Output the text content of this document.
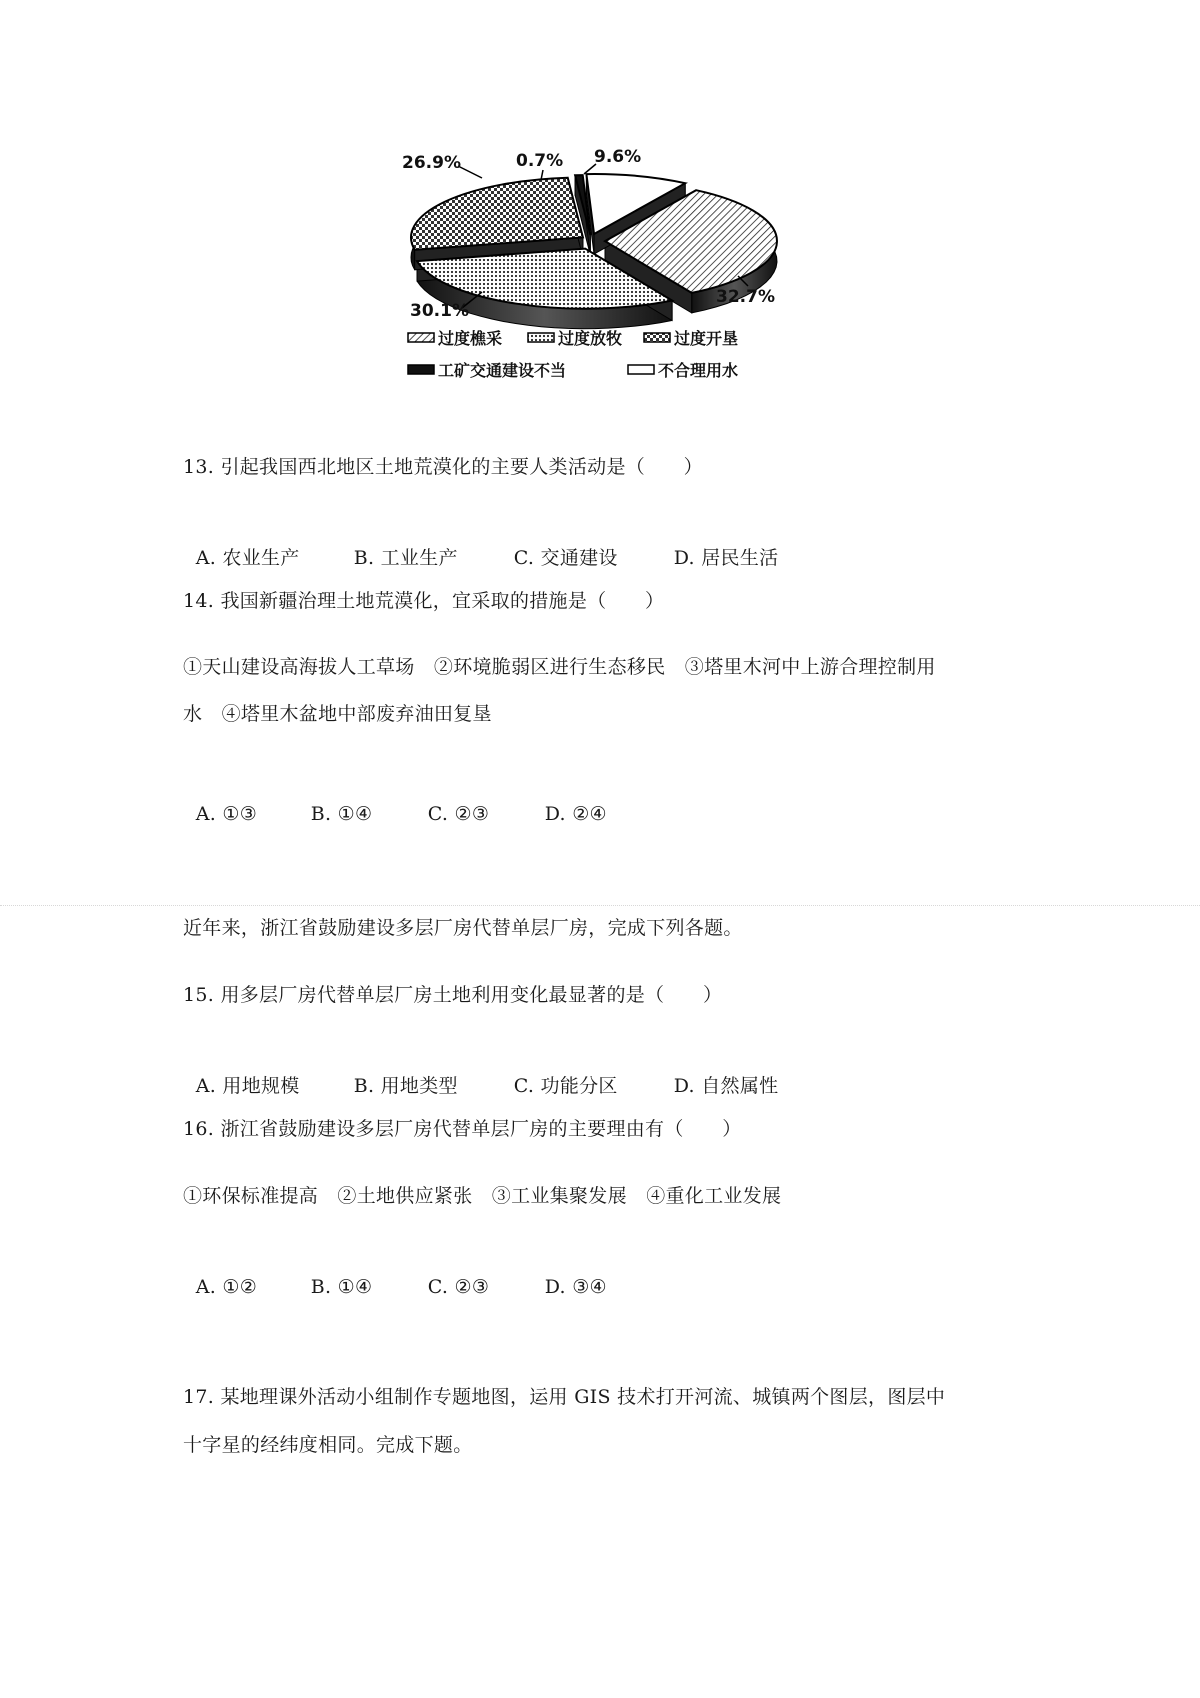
32.7%
30.1%
26.9%	0.7% 9.6%
过度樵采	过度放牧	过度开垦
工矿交通建设不当	不合理用水
13. 引起我国西北地区土地荒漠化的主要人类活动是（　　）

A. 农业生产	B. 工业生产	C. 交通建设	D. 居民生活

14. 我国新疆治理土地荒漠化，宜采取的措施是（　　）
①天山建设高海拔人工草场　②环境脆弱区进行生态移民　③塔里木河中上游合理控制用
水　④塔里木盆地中部废弃油田复垦

A. ①③	B. ①④	C. ②③	D. ②④

近年来，浙江省鼓励建设多层厂房代替单层厂房，完成下列各题。
15. 用多层厂房代替单层厂房土地利用变化最显著的是（　　）

A. 用地规模	B. 用地类型	C. 功能分区	D. 自然属性

16. 浙江省鼓励建设多层厂房代替单层厂房的主要理由有（　　）
①环保标准提高　②土地供应紧张　③工业集聚发展　④重化工业发展

A. ①②	B. ①④	C. ②③	D. ③④

17. 某地理课外活动小组制作专题地图，运用 GIS 技术打开河流、城镇两个图层，图层中
十字星的经纬度相同。完成下题。
